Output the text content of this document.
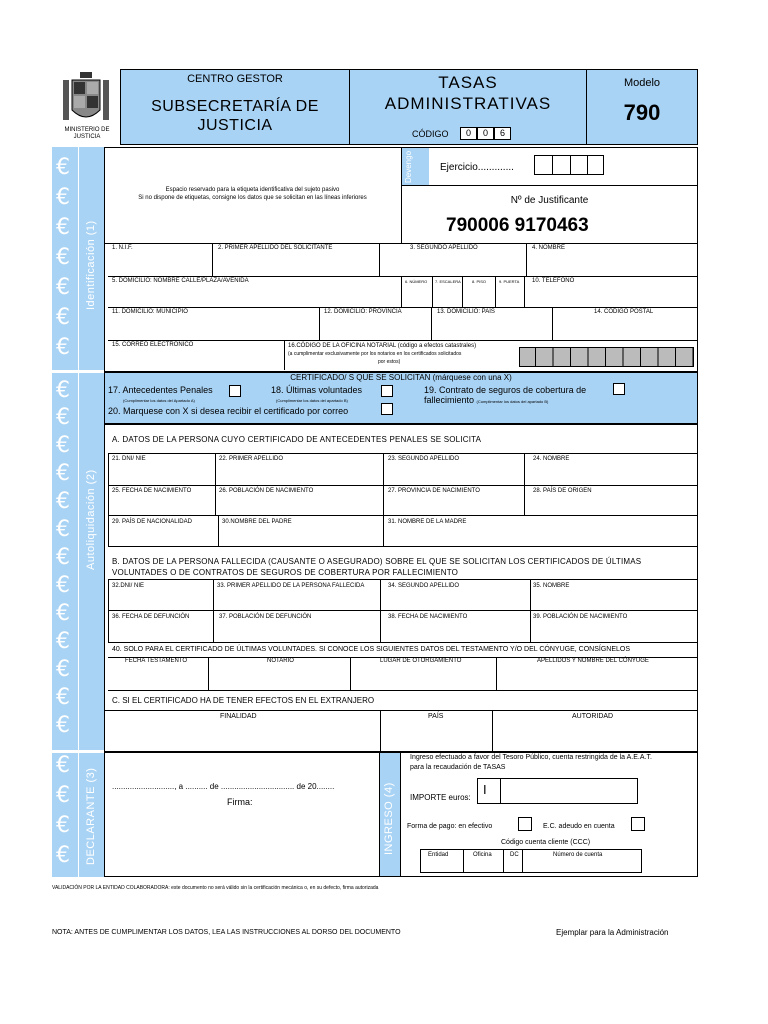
MINISTERIO DE
JUSTICIA
CENTRO GESTOR
SUBSECRETARÍA DE
JUSTICIA
TASAS
ADMINISTRATIVAS
CÓDIGO	0	0	6
Modelo
790
€
€
€
€
€
€
€
€
€
€
€
€
€
€
€
€
€
€
€
€
€
€
€
€
Identificación (1)
Autoliquidación (2)
DECLARANTE (3)
Devengo	Ejercicio.............
Espacio reservado para la etiqueta identificativa del sujeto pasivo
Si no dispone de etiquetas, consigne los datos que se solicitan en las líneas inferiores	Nº de Justificante
790006 9170463
1. N.I.F.	2. PRIMER APELLIDO DEL SOLICITANTE	3. SEGUNDO APELLIDO	4. NOMBRE
5. DOMICILIO: NOMBRE CALLE/PLAZA/AVENIDA	6. NÚMERO 7. ESCALERA	8. PISO	9. PUERTA 10. TELÉFONO
11. DOMICILIO: MUNICIPIO	12. DOMICILIO: PROVINCIA	13. DOMICILIO: PAÍS	14. CÓDIGO POSTAL
15. CORREO ELECTRÓNICO	16.CÓDIGO DE LA OFICINA NOTARIAL (código a efectos catastrales)
(a cumplimentar exclusivamente por los notarios en los certificados solicitados
por estos)
CERTIFICADO/ S QUE SE SOLICITAN (márquese con una X)
17. Antecedentes Penales
(Cumplimentar los datos del Apartado A)
18. Últimas voluntades
(Cumplimentar los datos del apartado B)
19. Contrato de seguros de cobertura de
fallecimiento (Cumplimentar los datos del apartado B)
20. Marquese con X si desea recibir el certificado por correo
A. DATOS DE LA PERSONA CUYO CERTIFICADO DE ANTECEDENTES PENALES SE SOLICITA
21. DNI/ NIE	22. PRIMER APELLIDO	23. SEGUNDO APELLIDO	24. NOMBRE
25. FECHA DE NACIMIENTO	26. POBLACIÓN DE NACIMIENTO	27. PROVINCIA DE NACIMIENTO	28. PAÍS DE ORIGEN
29. PAÍS DE NACIONALIDAD	30.NOMBRE DEL PADRE	31. NOMBRE DE LA MADRE
B. DATOS DE LA PERSONA FALLECIDA (CAUSANTE O ASEGURADO) SOBRE EL QUE SE SOLICITAN LOS CERTIFICADOS DE ÚLTIMAS
VOLUNTADES O DE CONTRATOS DE SEGUROS DE COBERTURA POR FALLECIMIENTO
32.DNI/ NIE	33. PRIMER APELLIDO DE LA PERSONA FALLECIDA	34. SEGUNDO APELLIDO	35. NOMBRE
36. FECHA DE DEFUNCIÓN	37. POBLACIÓN DE DEFUNCIÓN	38. FECHA DE NACIMIENTO	39. POBLACIÓN DE NACIMIENTO
40. SOLO PARA EL CERTIFICADO DE ÚLTIMAS VOLUNTADES. SI CONOCE LOS SIGUIENTES DATOS DEL TESTAMENTO Y/O DEL CÓNYUGE, CONSÍGNELOS
FECHA TESTAMENTO	NOTARIO	LUGAR DE OTORGAMIENTO	APELLIDOS Y NOMBRE DEL CÓNYUGE
C. SI EL CERTIFICADO HA DE TENER EFECTOS EN EL EXTRANJERO
FINALIDAD	PAÍS	AUTORIDAD
............................, a .......... de ................................. de 20........
Firma:	INGRESO (4)
Ingreso efectuado a favor del Tesoro Público, cuenta restringida de la A.E.A.T.
para la recaudación de TASAS
IMPORTE euros:
I
Forma de pago: en efectivo	E.C. adeudo en cuenta
Código cuenta cliente (CCC)
Entidad	Oficina	DC	Número de cuenta
VALIDACIÓN POR LA ENTIDAD COLABORADORA: este documento no será válido sin la certificación mecánica o, en su defecto, firma autorizada
NOTA: ANTES DE CUMPLIMENTAR LOS DATOS, LEA LAS INSTRUCCIONES AL DORSO DEL DOCUMENTO	Ejemplar para la Administración
